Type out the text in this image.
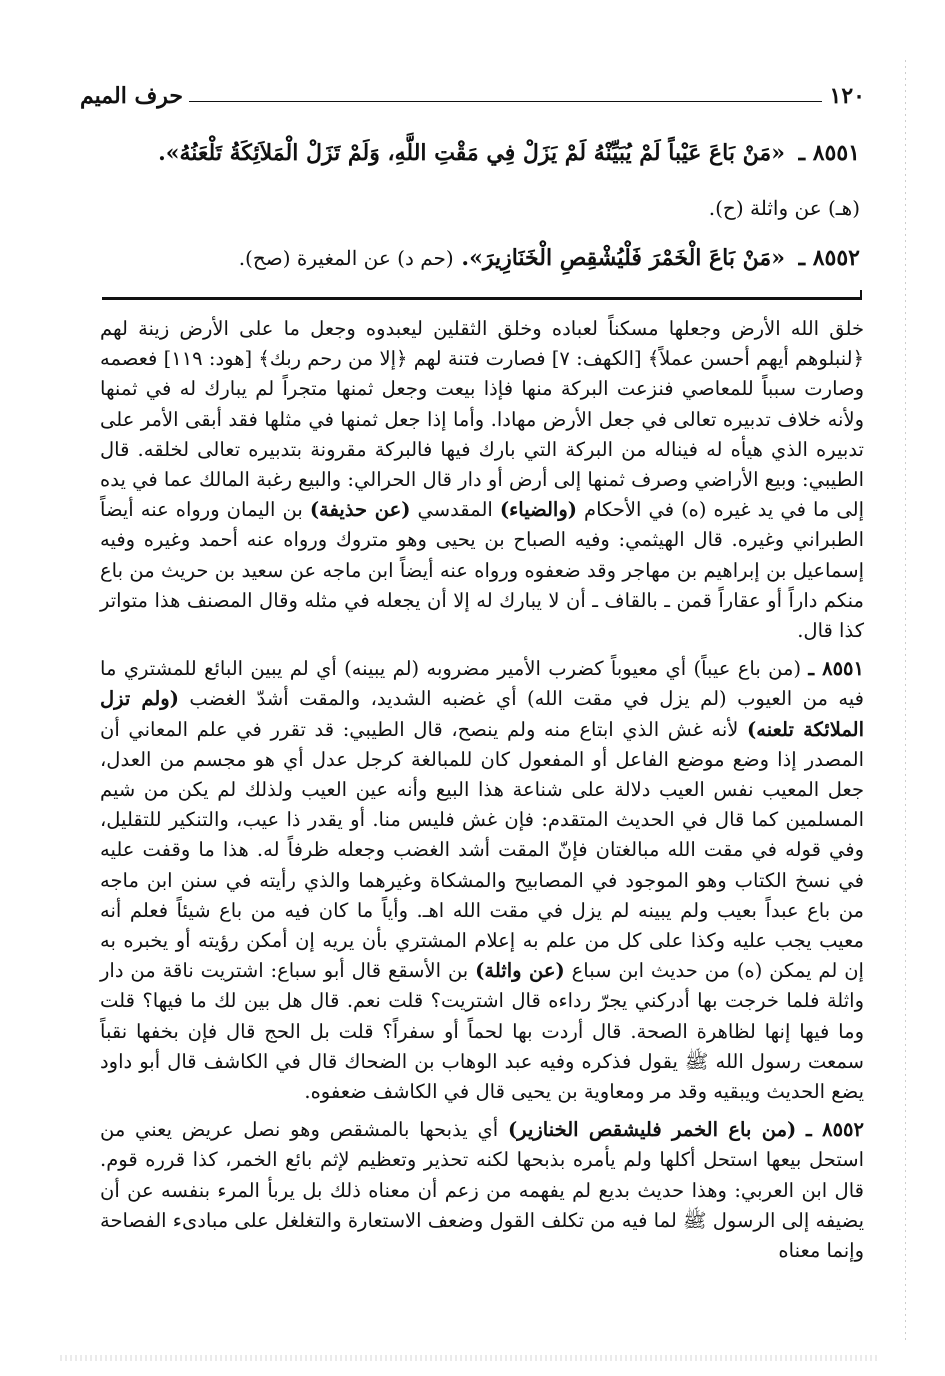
١٢٠
حرف الميم
٨٥٥١ ـ «مَنْ بَاعَ عَيْباً لَمْ يُبَيِّنْهُ لَمْ يَزَلْ فِي مَقْتِ اللَّهِ، وَلَمْ تَزَلْ الْمَلاَئِكَةُ تَلْعَنُهُ».
(هـ) عن واثلة (ح).
٨٥٥٢ ـ «مَنْ بَاعَ الْخَمْرَ فَلْيُشْقِصِ الْخَنَازِيرَ». (حم د) عن المغيرة (صح).

خلق الله الأرض وجعلها مسكناً لعباده وخلق الثقلين ليعبدوه وجعل ما على الأرض زينة لهم ﴿لنبلوهم أيهم أحسن عملاً﴾ [الكهف: ٧] فصارت فتنة لهم ﴿إلا من رحم ربك﴾ [هود: ١١٩] فعصمه وصارت سبباً للمعاصي فنزعت البركة منها فإذا بيعت وجعل ثمنها متجراً لم يبارك له في ثمنها ولأنه خلاف تدبيره تعالى في جعل الأرض مهادا. وأما إذا جعل ثمنها في مثلها فقد أبقى الأمر على تدبيره الذي هيأه له فيناله من البركة التي بارك فيها فالبركة مقرونة بتدبيره تعالى لخلقه. قال الطيبي: وبيع الأراضي وصرف ثمنها إلى أرض أو دار قال الحرالي: والبيع رغبة المالك عما في يده إلى ما في يد غيره (ه) في الأحكام (والضياء) المقدسي (عن حذيفة) بن اليمان ورواه عنه أيضاً الطبراني وغيره. قال الهيثمي: وفيه الصباح بن يحيى وهو متروك ورواه عنه أحمد وغيره وفيه إسماعيل بن إبراهيم بن مهاجر وقد ضعفوه ورواه عنه أيضاً ابن ماجه عن سعيد بن حريث من باع منكم داراً أو عقاراً قمن ـ بالقاف ـ أن لا يبارك له إلا أن يجعله في مثله وقال المصنف هذا متواتر كذا قال.

٨٥٥١ ـ (من باع عيباً) أي معيوباً كضرب الأمير مضروبه (لم يبينه) أي لم يبين البائع للمشتري ما فيه من العيوب (لم يزل في مقت الله) أي غضبه الشديد، والمقت أشدّ الغضب (ولم تزل الملائكة تلعنه) لأنه غش الذي ابتاع منه ولم ينصح، قال الطيبي: قد تقرر في علم المعاني أن المصدر إذا وضع موضع الفاعل أو المفعول كان للمبالغة كرجل عدل أي هو مجسم من العدل، جعل المعيب نفس العيب دلالة على شناعة هذا البيع وأنه عين العيب ولذلك لم يكن من شيم المسلمين كما قال في الحديث المتقدم: فإن غش فليس منا. أو يقدر ذا عيب، والتنكير للتقليل، وفي قوله في مقت الله مبالغتان فإنّ المقت أشد الغضب وجعله ظرفاً له. هذا ما وقفت عليه في نسخ الكتاب وهو الموجود في المصابيح والمشكاة وغيرهما والذي رأيته في سنن ابن ماجه من باع عبداً بعيب ولم يبينه لم يزل في مقت الله اهـ. وأياً ما كان فيه من باع شيئاً فعلم أنه معيب يجب عليه وكذا على كل من علم به إعلام المشتري بأن يريه إن أمكن رؤيته أو يخبره به إن لم يمكن (ه) من حديث ابن سباع (عن واثلة) بن الأسقع قال أبو سباع: اشتريت ناقة من دار واثلة فلما خرجت بها أدركني يجرّ رداءه قال اشتريت؟ قلت نعم. قال هل بين لك ما فيها؟ قلت وما فيها إنها لظاهرة الصحة. قال أردت بها لحماً أو سفراً؟ قلت بل الحج قال فإن بخفها نقباً سمعت رسول الله ﷺ يقول فذكره وفيه عبد الوهاب بن الضحاك قال في الكاشف قال أبو داود يضع الحديث ويبقيه وقد مر ومعاوية بن يحيى قال في الكاشف ضعفوه.

٨٥٥٢ ـ (من باع الخمر فليشقص الخنازير) أي يذبحها بالمشقص وهو نصل عريض يعني من استحل بيعها استحل أكلها ولم يأمره بذبحها لكنه تحذير وتعظيم لإثم بائع الخمر، كذا قرره قوم. قال ابن العربي: وهذا حديث بديع لم يفهمه من زعم أن معناه ذلك بل يربأ المرء بنفسه عن أن يضيفه إلى الرسول ﷺ لما فيه من تكلف القول وضعف الاستعارة والتغلغل على مبادىء الفصاحة وإنما معناه
